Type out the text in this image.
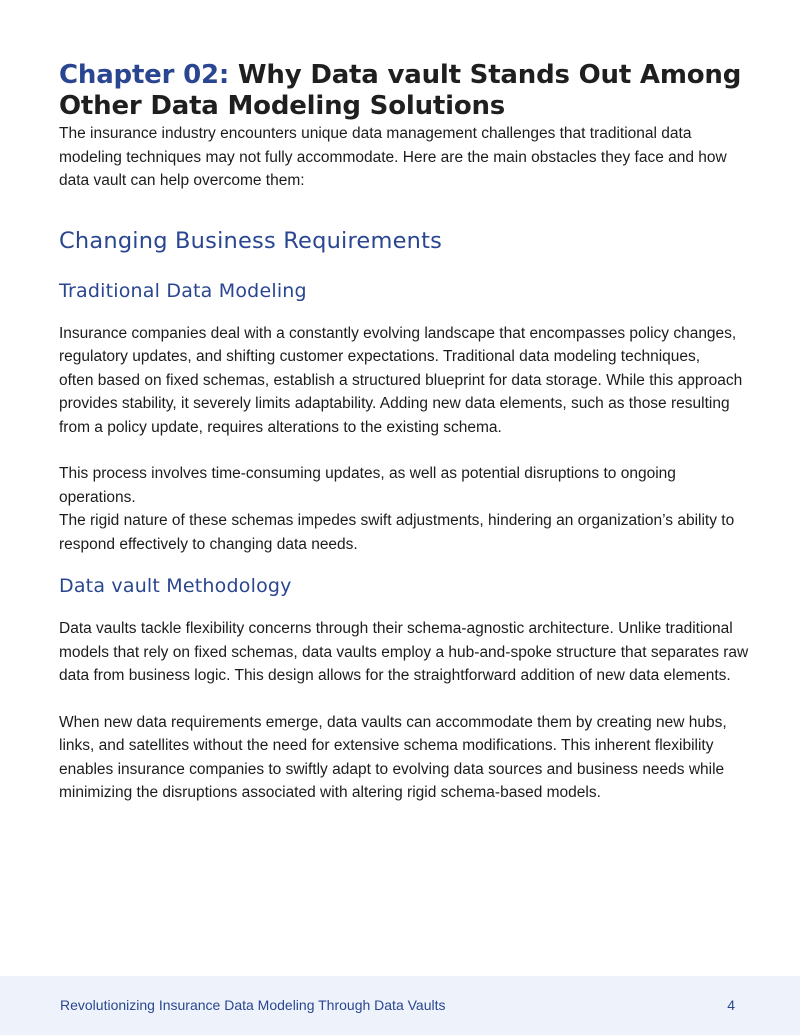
Chapter 02: Why Data vault Stands Out Among Other Data Modeling Solutions

The insurance industry encounters unique data management challenges that traditional data
modeling techniques may not fully accommodate. Here are the main obstacles they face and how
data vault can help overcome them:

Changing Business Requirements
Traditional Data Modeling

Insurance companies deal with a constantly evolving landscape that encompasses policy changes,
regulatory updates, and shifting customer expectations. Traditional data modeling techniques,
often based on fixed schemas, establish a structured blueprint for data storage. While this approach
provides stability, it severely limits adaptability. Adding new data elements, such as those resulting
from a policy update, requires alterations to the existing schema.

This process involves time-consuming updates, as well as potential disruptions to ongoing operations.
The rigid nature of these schemas impedes swift adjustments, hindering an organization’s ability to
respond effectively to changing data needs.

Data vault Methodology

Data vaults tackle flexibility concerns through their schema-agnostic architecture. Unlike traditional
models that rely on fixed schemas, data vaults employ a hub-and-spoke structure that separates raw
data from business logic. This design allows for the straightforward addition of new data elements.

When new data requirements emerge, data vaults can accommodate them by creating new hubs,
links, and satellites without the need for extensive schema modifications. This inherent flexibility
enables insurance companies to swiftly adapt to evolving data sources and business needs while
minimizing the disruptions associated with altering rigid schema-based models.

Revolutionizing Insurance Data Modeling Through Data Vaults	4
